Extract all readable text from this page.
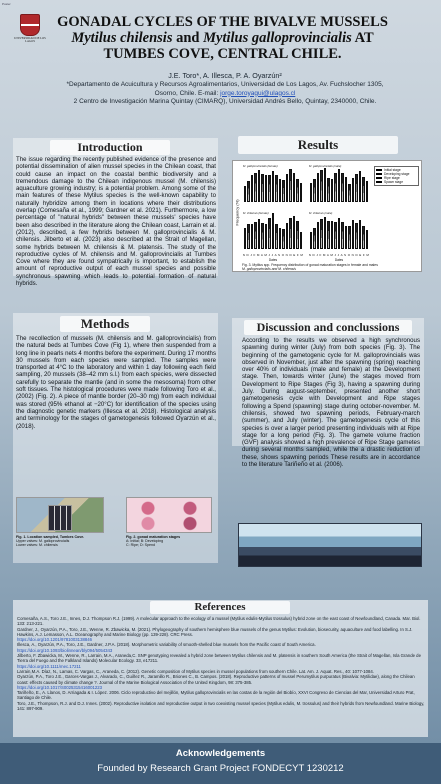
Poster
UNIVERSIDAD DE LOS LAGOS
GONADAL CYCLES OF THE BIVALVE MUSSELS
Mytilus chilensis and Mytilus galloprovincialis AT
TUMBES COVE, CENTRAL CHILE.
J.E. Toro*, A. Illesca, P. A. Oyarzún²
*Departamento de Acuicultura y Recursos Agroalimentarios, Universidad de Los Lagos, Av. Fuchslocher 1305,
Osorno, Chile. E-mail: jorge.toroyagui@ulagos.cl
2 Centro de Investigación Marina Quintay (CIMARQ), Universidad Andrés Bello, Quintay, 2340000, Chile.
Introduction
The issue regarding the recently published evidence of the presence and potential dissemination of alien mussel species in the Chilean coast, that could cause an impact on the coastal benthic biodiversity and a tremendous damage to the Chilean indigenous mussel (M. chilensis) aquaculture growing industry; is a potential problem. Among some of the main features of these Mytilus species is the well-known capability to naturally hybridize among them in locations where their distributions overlap (Comesaña et al., 1999; Gardner et al. 2021). Furthermore, a low percentage of "natural hybrids" between these mussels' species have been also described in the literature along the Chilean coast, Larrain et al. (2012), described, a few hybrids between M. galloprovincialis & M. chilensis. Jilberto et al. (2023) also described at the Strait of Magellan, some hybrids between M. chilensis & M. platensis. The study of the reproductive cycles of M. chilensis and M. galloprovincialis at Tumbes Cove where they are found sympatrically is important, to establish the amount of reproductive output of each mussel species and possible synchronous spawning which leads to potential formation of natural hybrids.
Methods
The recollection of mussels (M. chilensis and M. galloprovincialis) from the natural beds at Tumbes Cove (Fig 1), where then suspended from a long line in pearls nets 4 months before the experiment. During 17 months 30 mussels from each species were sampled. The samples were transported at 4°C to the laboratory and within 1 day following each field sampling, 20 mussels (38–42 mm s.l.) from each species, were dissected carefully to separate the mantle (and in some the mesosoma) from other soft tissues. The histological procedures were made following Toro et al., (2002) (Fig. 2). A piece of mantle border (20–30 mg) from each individual was stored (95% ethanol at −20°C) for identification of the species using the diagnostic genetic markers (Illesca et al. 2018). Histological analysis and terminology for the stages of gametogenesis followed Oyarzún et al., (2018).
Fig. 1. Location sampled, Tumbes Cove.
Upper valves: M. galloprovincialis
Lower valves: M. chilensis
Fig. 2. gonad maturation stages
A: Initial; B: Developing
C: Ripe; D: Spend
Results
Frequency (%)
M. galloprovincialis (female)	M. galloprovincialis (male)
M. chilensis (female)	M. chilensis (male)
N D J F M A M J J A S O N D E F M N D J F M A M J J A S O N D E F M
Dates	Dates
Initial stage
Developing stage
Ripe stage
Spawn stage
Fig. 3. Mytilus spp. Frequency distribution of gonad maturation stages in female and males
M. galloprovincialis and M. chilensis
Discussion and conclussions
According to the results we observed a high synchronous spawning during winter (July) from both species (Fig. 3). The beginning of the gametogenic cycle for M. galloprovincialis was observed in November, just after the spawning (spring) reaching over 40% of individuals (male and female) at the Development stage. Then, towards winter (June) the stages moved from Development to Ripe Stages (Fig 3), having a spawning during July. During august-september, presented another short gametogenesis cycle with Development and Ripe stages following a Spend (spawning) stage during october-november. M. chilensis, showed two spawning periods, February-march (summer), and July (winter). The gametogenesis cycle of this species is over a larger period presenting individuals with at Ripe stage for a long period (Fig. 3). The gamete volume fraction (GVF) analysis showed a high prevalence of Ripe Stage gametes during several months sampled, while the a drastic reduction of these, shows spawning periods These results are in accordance to the literature Tariñeño et al. (2006).
References
Comesaña, A.S., Toro J.E., Innes, D.J. Thompson R.J. (1999). A molecular approach to the ecology of a mussel (Mytilus edulis-Mytilus trossulus) hybrid zone on the east coast of Newfoundland, Canada. Mar. Biol. 133: 213-221.
Gardner, J., Oyarzún, P.A., Toro, J.E., Wenne, R. Zbawicka, M. (2021). Phylogeography of southern hemisphere blue mussels of the genus Mytilus: Evolution, biosecurity, aquaculture and food labelling. In S.J. Hawkins, A.J. Lemasson, A.L. Oceanography and Marine Biology (pp. 139-228). CRC Press.
https://doi.org/10.1201/9781003138846
Illesca, A., Oyarzún, P.A., Toro, J.E., Gardner, J.P.A. (2018). Morphometric variability of smooth-shelled blue mussels from the Pacific coast of South America.
https://doi.org/10.1093/biolinnean/bly094/5054343
Jilberto, F. Zbawicka, M., Wenne, R., Larrain, M.A., Araneda,C. SNP genotyping revealed a hybrid zone between Mytilus chilensis and M. platensis in southern South America (the Strait of Magellan, Isla Grande de Tierra del Fuego and the Falkland Islands) Molecular Ecology. 33, e17211.
https://doi.org/10.1111/mec.17211
Larrain,M.A. Díaz, N., Lamas, C. Vargas, C., Araneda, C. (2012). Genetic composition of Mytilus species in mussel populations from southern Chile. Lat. Am. J. Aquat. Res., 40: 1077-1084.
Oyarzún, P.A., Toro J.E., Garces-Vargas J., Alvarado, C., Guiñez R., Jaramillo R., Briones C., B. Campos. (2018). Reproductive patterns of mussel Perumytilus purpuratus (Bivalvia: Mytilidae), along the Chilean coast: effects caused by climate change ?. Journal of the Marine Biological Association of the United Kingdom, 98: 375-385.
https://doi.org/10.1017/S0025315416001223
Tariñeño, E., A. Llanos, D. Arriagada & I. López. 2006. Ciclo reproductivo del mejillón, Mytilus galloprovincialis en las costas de la región del Biobío, XXVI Congreso de Ciencias del Mar, Universidad Arturo Prat, Santiago de Chile.
Toro, J.E., Thompson, R.J. and D.J. Innes. (2002). Reproductive isolation and reproductive output in two coexisting mussel species (Mytilus edulis, M. trossulus) and their hybrids from Newfoundland. Marine Biology, 141: 897-909.
Acknowledgements
Founded by Research Grant Project FONDECYT 1230212
